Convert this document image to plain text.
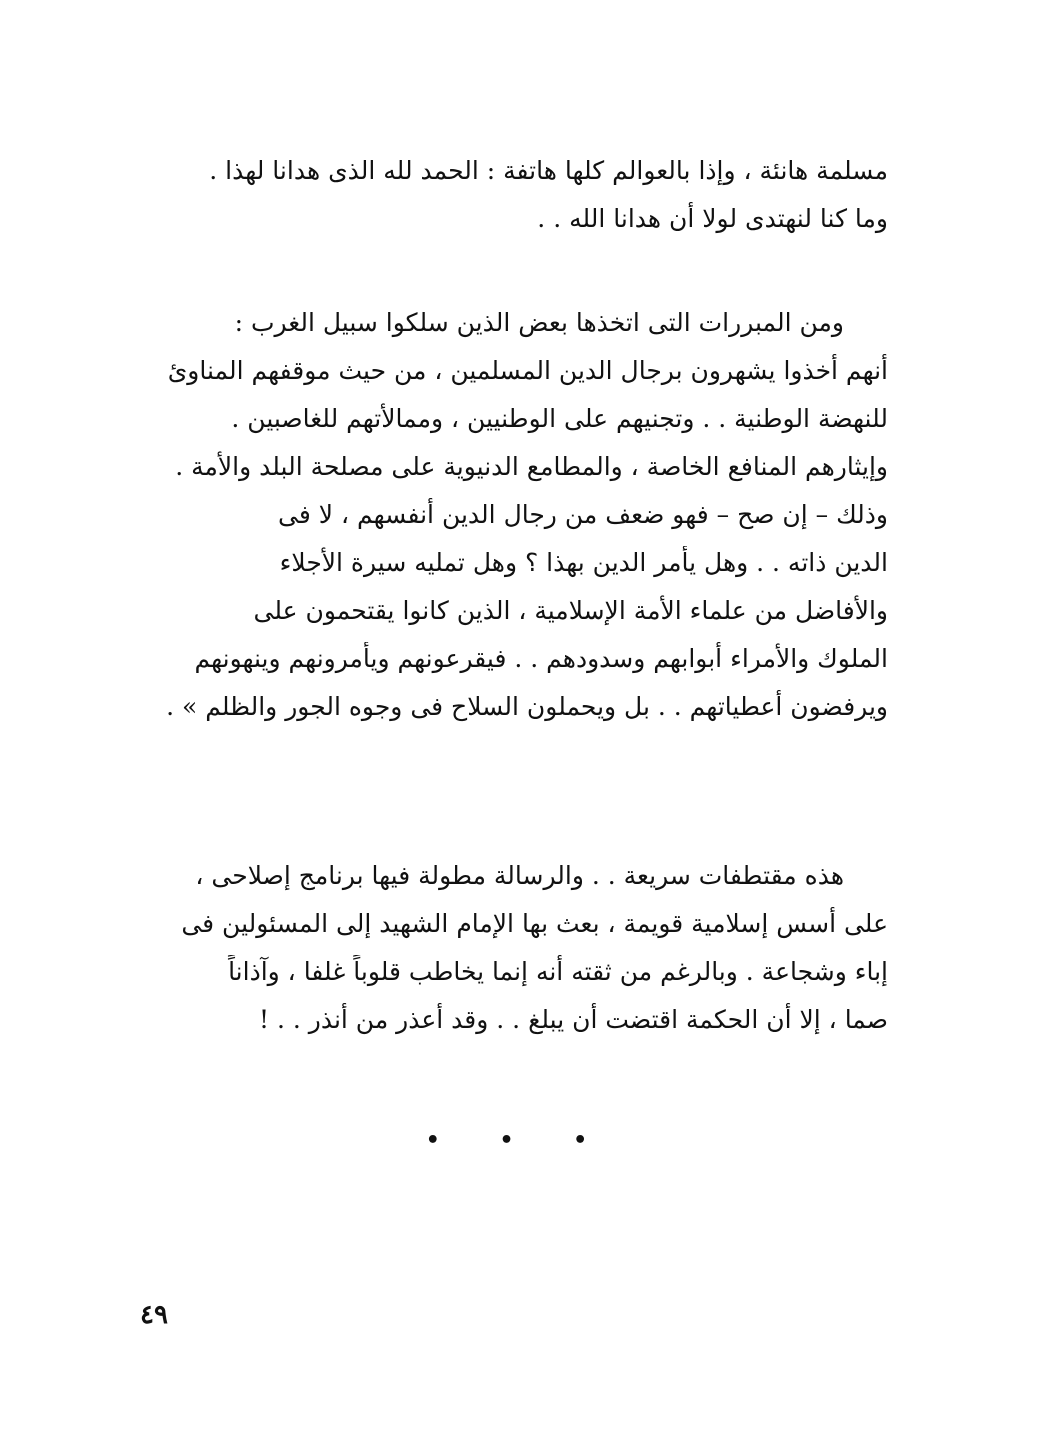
مسلمة هانئة ، وإذا بالعوالم كلها هاتفة : الحمد لله الذى هدانا لهذا .
وما كنا لنهتدى لولا أن هدانا الله . .
ومن المبررات التى اتخذها بعض الذين سلكوا سبيل الغرب :
أنهم أخذوا يشهرون برجال الدين المسلمين ، من حيث موقفهم المناوئ
للنهضة الوطنية . . وتجنيهم على الوطنيين ، وممالأتهم للغاصبين .
وإيثارهم المنافع الخاصة ، والمطامع الدنيوية على مصلحة البلد والأمة .
وذلك – إن صح – فهو ضعف من رجال الدين أنفسهم ، لا فى
الدين ذاته . . وهل يأمر الدين بهذا ؟ وهل تمليه سيرة الأجلاء
والأفاضل من علماء الأمة الإسلامية ، الذين كانوا يقتحمون على
الملوك والأمراء أبوابهم وسدودهم . . فيقرعونهم ويأمرونهم وينهونهم
ويرفضون أعطياتهم . . بل ويحملون السلاح فى وجوه الجور والظلم » .
هذه مقتطفات سريعة . . والرسالة مطولة فيها برنامج إصلاحى ،
على أسس إسلامية قويمة ، بعث بها الإمام الشهيد إلى المسئولين فى
إباء وشجاعة . وبالرغم من ثقته أنه إنما يخاطب قلوباً غلفا ، وآذاناً
صما ، إلا أن الحكمة اقتضت أن يبلغ . . وقد أعذر من أنذر . . !
• • •
٤٩
